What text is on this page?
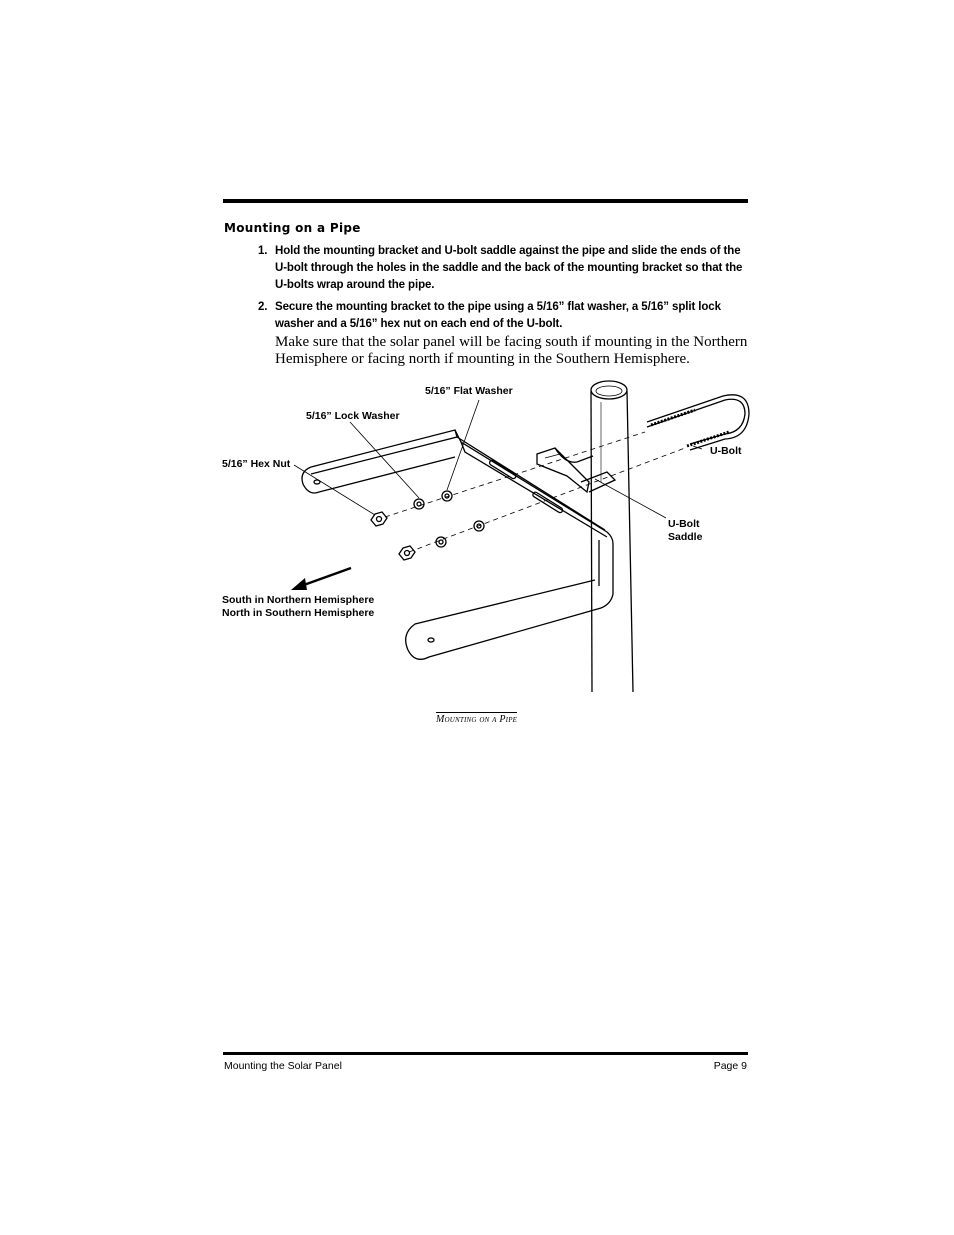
Mounting on a Pipe
1. Hold the mounting bracket and U-bolt saddle against the pipe and slide the ends of the U-bolt through the holes in the saddle and the back of the mounting bracket so that the U-bolts wrap around the pipe.
2. Secure the mounting bracket to the pipe using a 5/16” flat washer, a 5/16” split lock washer and a 5/16” hex nut on each end of the U-bolt.
Make sure that the solar panel will be facing south if mounting in the Northern Hemisphere or facing north if mounting in the Southern Hemisphere.
5/16” Flat Washer
5/16” Lock Washer
5/16” Hex Nut
U-Bolt
U-Bolt
Saddle
South in Northern Hemisphere
North in Southern Hemisphere
Mounting on a Pipe
Mounting the Solar Panel	Page 9
